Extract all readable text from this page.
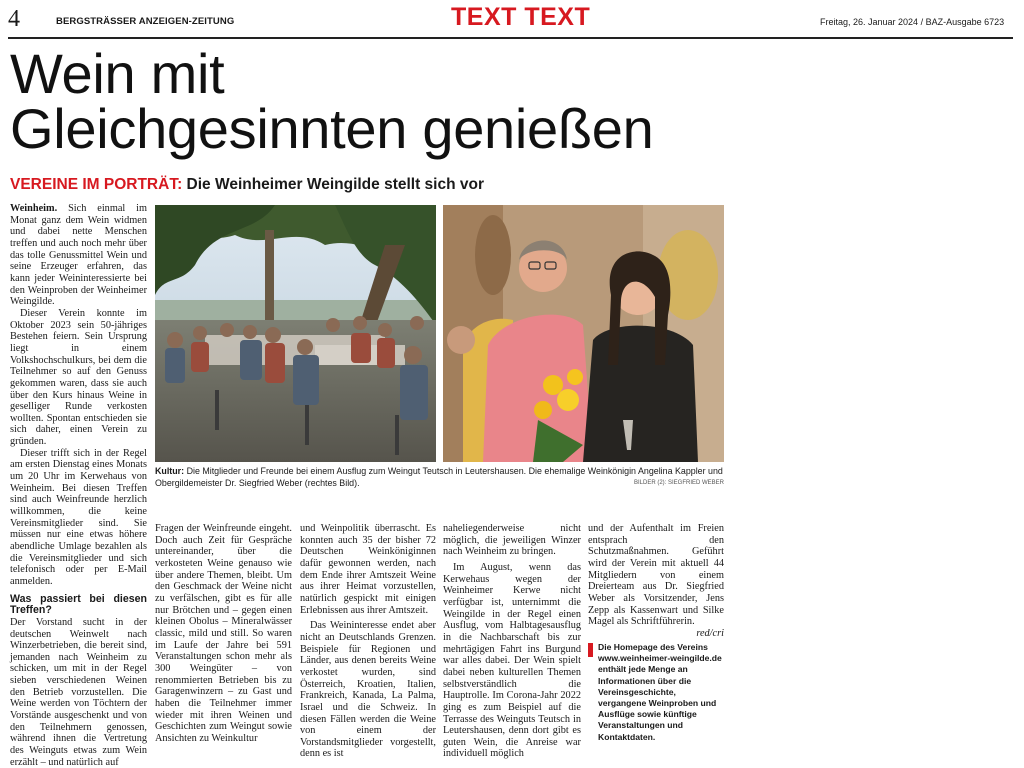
4	BERGSTRÄSSER ANZEIGEN-ZEITUNG	TEXT TEXT	Freitag, 26. Januar 2024 / BAZ-Ausgabe 6723
Wein mit
Gleichgesinnten genießen
VEREINE IM PORTRÄT: Die Weinheimer Weingilde stellt sich vor

Weinheim. Sich einmal im Monat ganz dem Wein widmen und dabei nette Menschen treffen und auch noch mehr über das tolle Genussmittel Wein und seine Erzeuger erfahren, das kann jeder Weininteressierte bei den Weinproben der Weinheimer Weingilde.

Dieser Verein konnte im Oktober 2023 sein 50-jähriges Bestehen feiern. Sein Ursprung liegt in einem Volkshochschulkurs, bei dem die Teilnehmer so auf den Genuss gekommen waren, dass sie auch über den Kurs hinaus Weine in geselliger Runde verkosten wollten. Spontan entschieden sie sich daher, einen Verein zu gründen.

Dieser trifft sich in der Regel am ersten Dienstag eines Monats um 20 Uhr im Kerwehaus von Weinheim. Bei diesen Treffen sind auch Weinfreunde herzlich willkommen, die keine Vereinsmitglieder sind. Sie müssen nur eine etwas höhere abendliche Umlage bezahlen als die Vereinsmitglieder und sich telefonisch oder per E-Mail anmelden.

Was passiert bei diesen Treffen?

Der Vorstand sucht in der deutschen Weinwelt nach Winzerbetrieben, die bereit sind, jemanden nach Weinheim zu schicken, um mit in der Regel sieben verschiedenen Weinen den Betrieb vorzustellen. Die Weine werden von Töchtern der Vorstände ausgeschenkt und von den Teilnehmern genossen, während ihnen die Vertretung des Weinguts etwas zum Wein erzählt – und natürlich auf

Kultur: Die Mitglieder und Freunde bei einem Ausflug zum Weingut Teutsch in Leutershausen. Die ehemalige Weinkönigin Angelina Kappler und Obergildemeister Dr. Siegfried Weber (rechtes Bild).	BILDER (2): SIEGFRIED WEBER

Fragen der Weinfreunde eingeht. Doch auch Zeit für Gespräche untereinander, über die verkosteten Weine genauso wie über andere Themen, bleibt. Um den Geschmack der Weine nicht zu verfälschen, gibt es für alle nur Brötchen und – gegen einen kleinen Obolus – Mineralwässer classic, mild und still. So waren im Laufe der Jahre bei 591 Veranstaltungen schon mehr als 300 Weingüter – von renommierten Betrieben bis zu Garagenwinzern – zu Gast und haben die Teilnehmer immer wieder mit ihren Weinen und Geschichten zum Weingut sowie Ansichten zu Weinkultur

und Weinpolitik überrascht. Es konnten auch 35 der bisher 72 Deutschen Weinköniginnen dafür gewonnen werden, nach dem Ende ihrer Amtszeit Weine aus ihrer Heimat vorzustellen, natürlich gespickt mit einigen Erlebnissen aus ihrer Amtszeit.

Das Weininteresse endet aber nicht an Deutschlands Grenzen. Beispiele für Regionen und Länder, aus denen bereits Weine verkostet wurden, sind Österreich, Kroatien, Italien, Frankreich, Kanada, La Palma, Israel und die Schweiz. In diesen Fällen werden die Weine von einem der Vorstandsmitglieder vorgestellt, denn es ist

naheliegenderweise nicht möglich, die jeweiligen Winzer nach Weinheim zu bringen.

Im August, wenn das Kerwehaus wegen der Weinheimer Kerwe nicht verfügbar ist, unternimmt die Weingilde in der Regel einen Ausflug, vom Halbtagesausflug in die Nachbarschaft bis zur mehrtägigen Fahrt ins Burgund war alles dabei. Der Wein spielt dabei neben kulturellen Themen selbstverständlich die Hauptrolle. Im Corona-Jahr 2022 ging es zum Beispiel auf die Terrasse des Weinguts Teutsch in Leutershausen, denn dort gibt es guten Wein, die Anreise war individuell möglich

und der Aufenthalt im Freien entsprach den Schutzmaßnahmen. Geführt wird der Verein mit aktuell 44 Mitgliedern von einem Dreierteam aus Dr. Siegfried Weber als Vorsitzender, Jens Zepp als Kassenwart und Silke Magel als Schriftführerin.

red/cri
i	Die Homepage des Vereins www.weinheimer-weingilde.de enthält jede Menge an Informationen über die Vereinsgeschichte, vergangene Weinproben und Ausflüge sowie künftige Veranstaltungen und Kontaktdaten.
